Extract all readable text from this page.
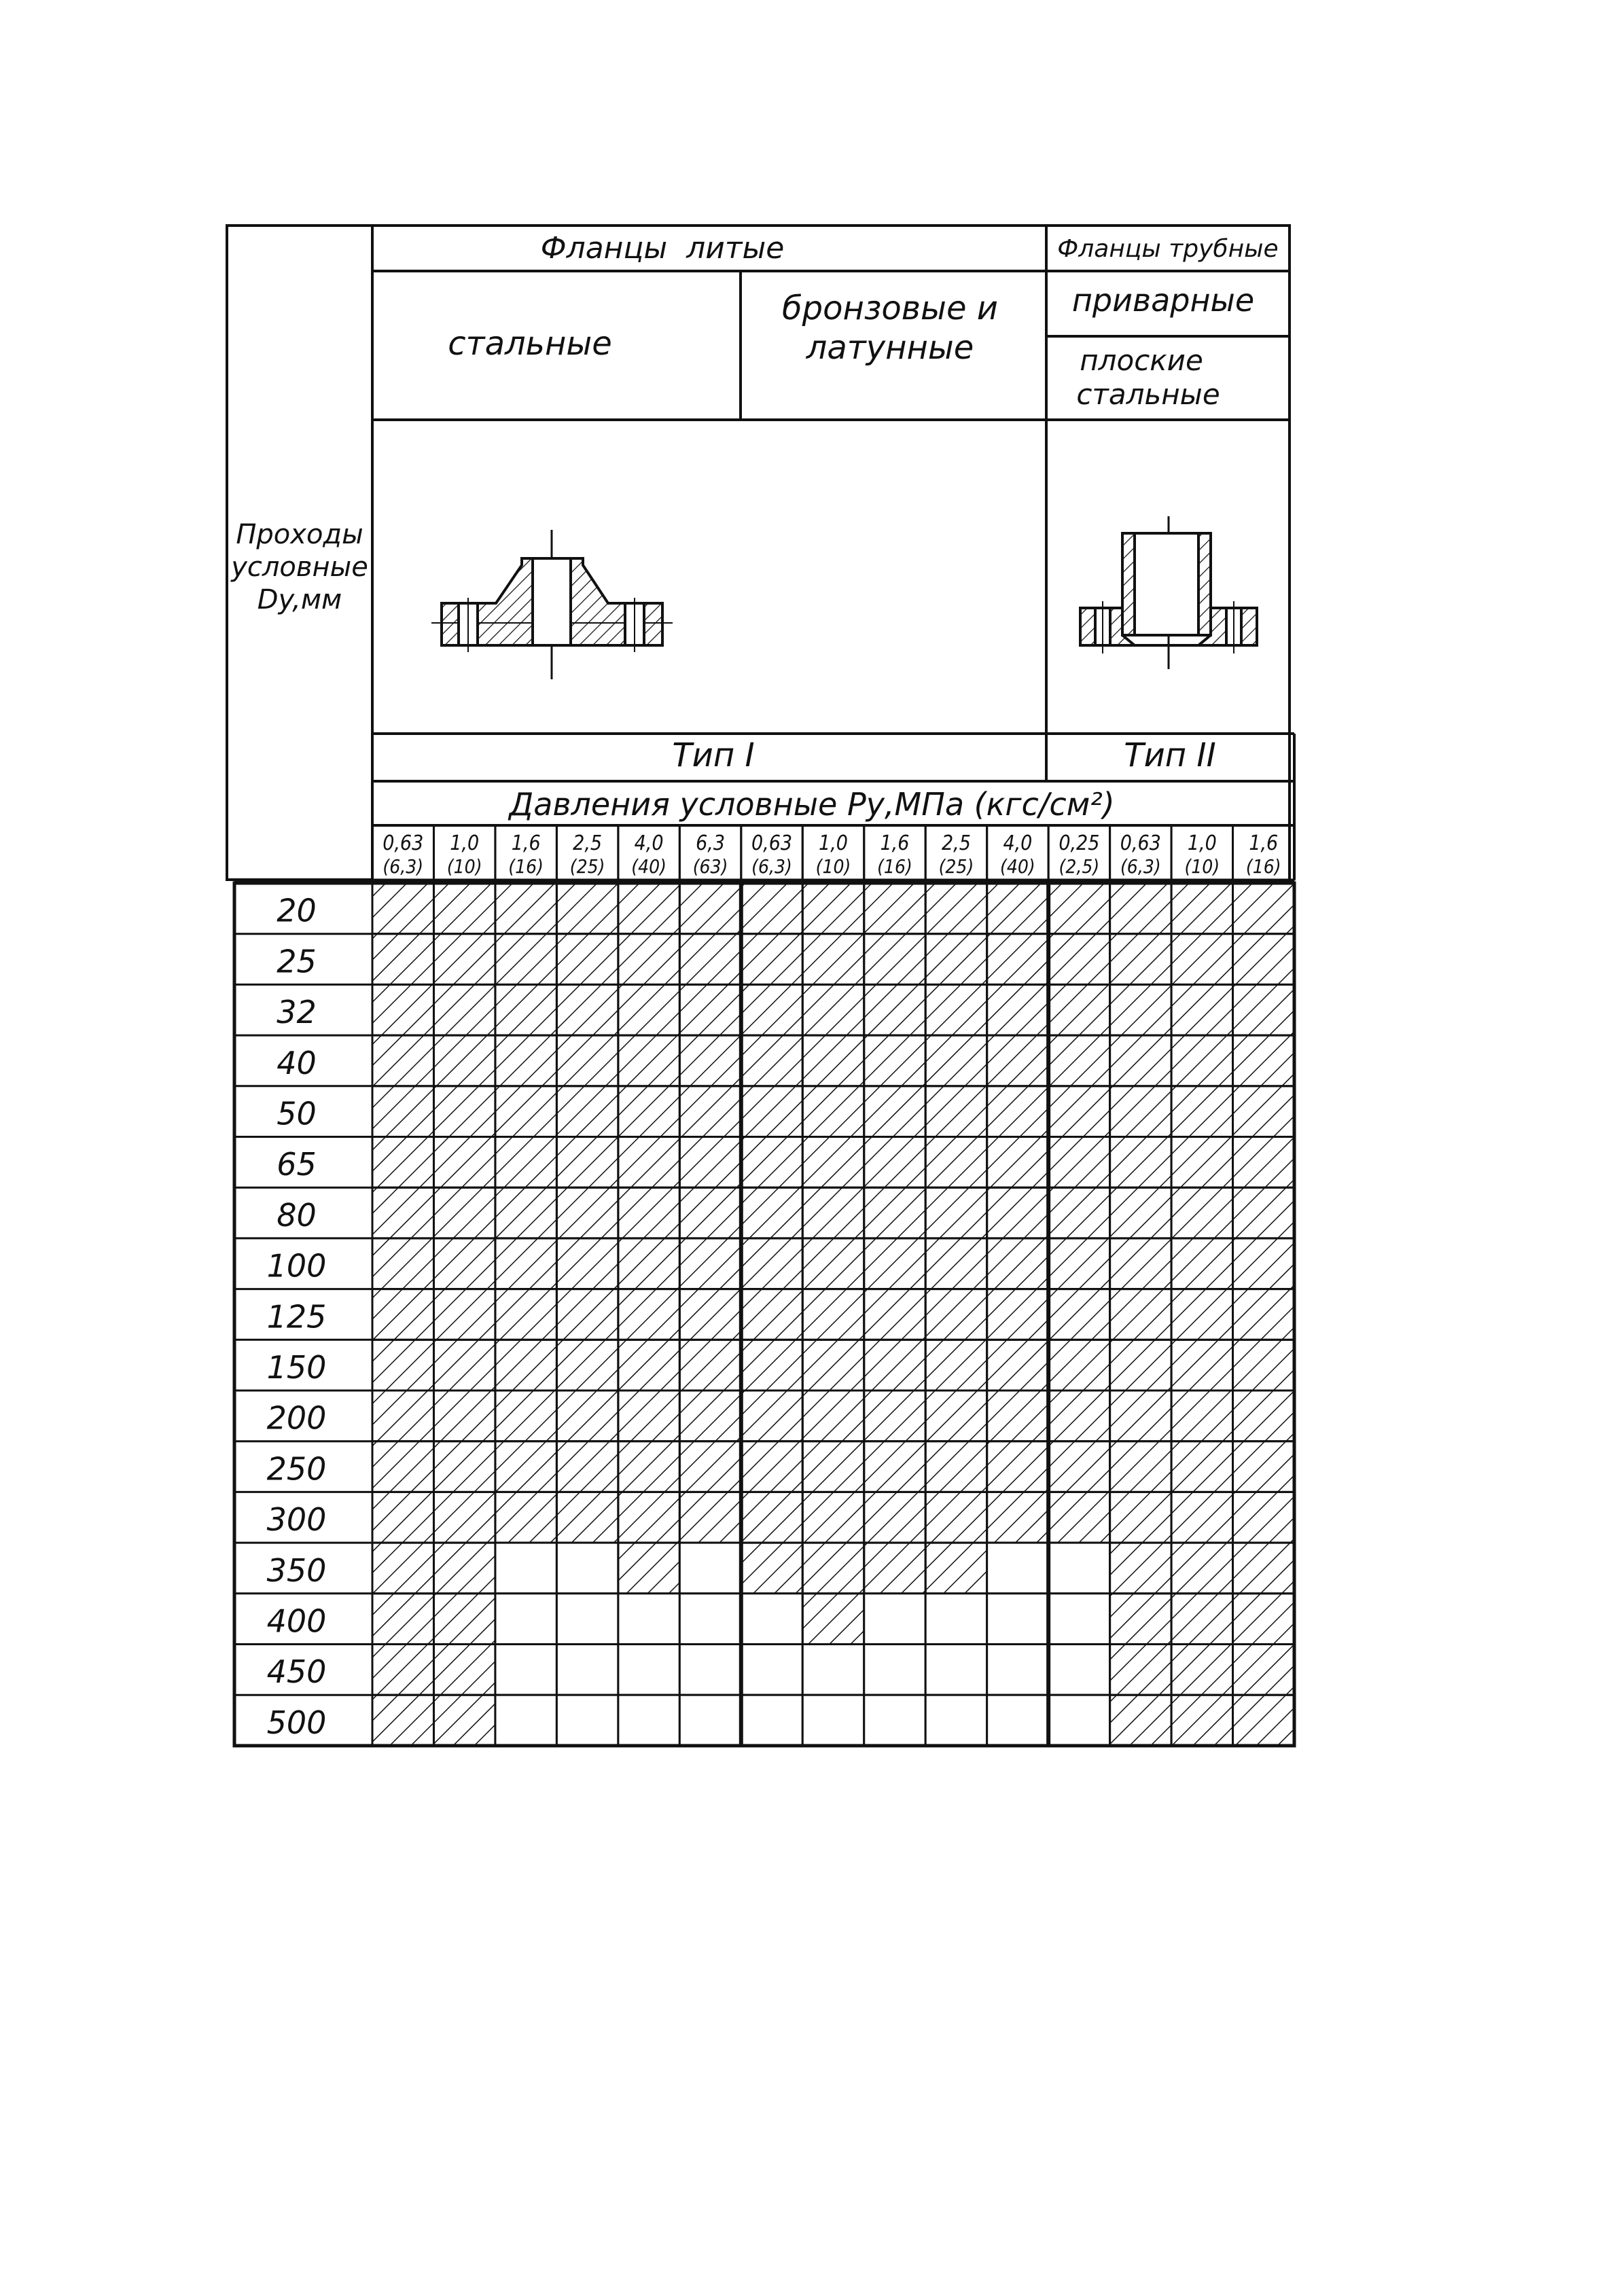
Проходы
условные
Dy,мм
Фланцы  литые	Фланцы трубные
стальные
бронзовые и
латунные
приварные
плоские
стальные
Тип I	Тип II
Давления условные Ру,МПа (кгс/см²)
0,63
(6,3)
1,0
(10)
1,6
(16)
2,5
(25)
4,0
(40)
6,3
(63)
0,63
(6,3)
1,0
(10)
1,6
(16)
2,5
(25)
4,0
(40)
0,25
(2,5)
0,63
(6,3)
1,0
(10)
1,6
(16)
20
25
32
40
50
65
80
100
125
150
200
250
300
350
400
450
500
